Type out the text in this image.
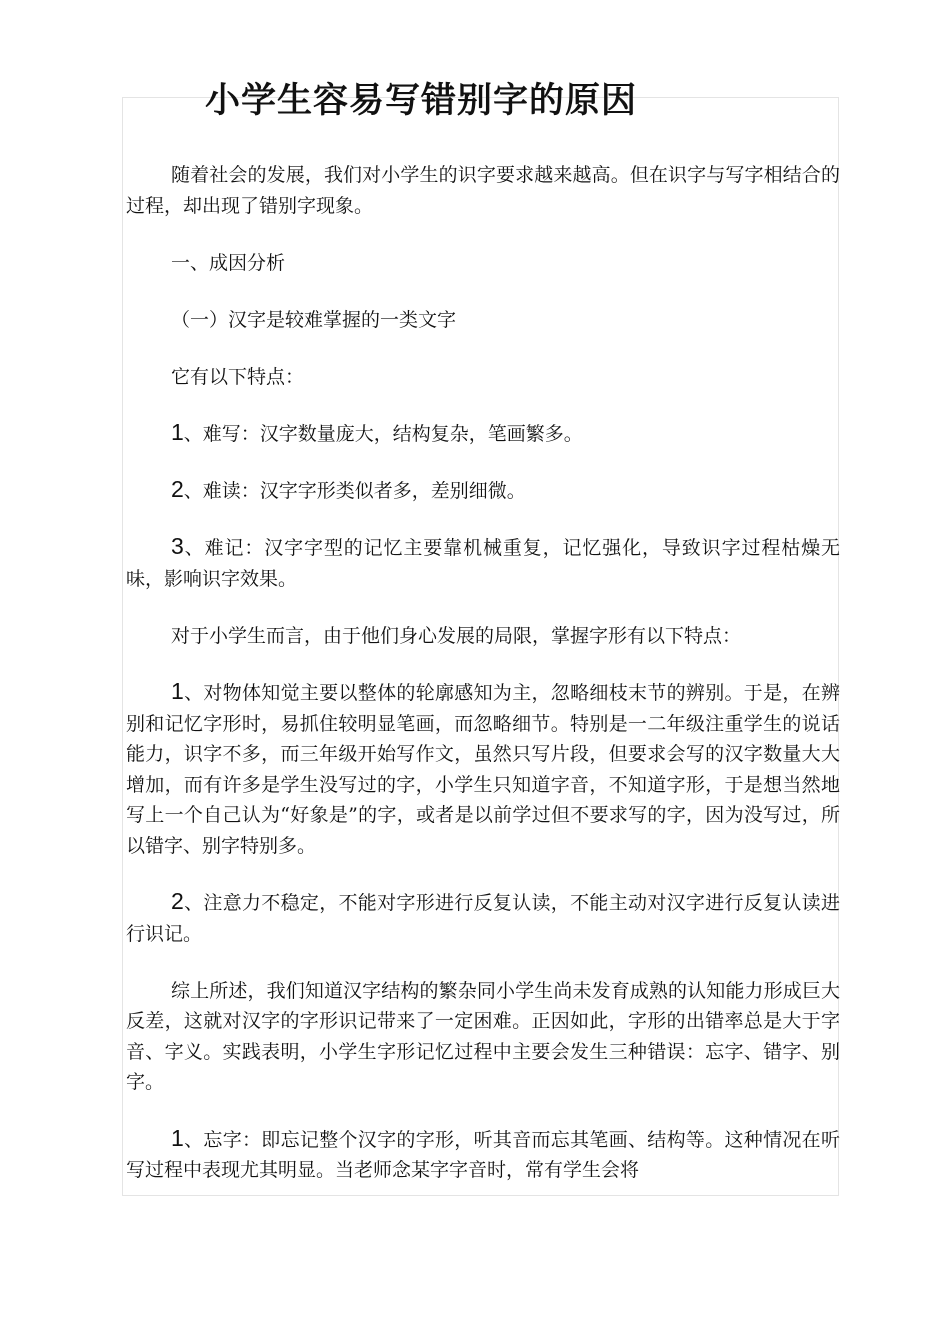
小学生容易写错别字的原因

随着社会的发展，我们对小学生的识字要求越来越高。但在识字与写字相结合的过程，却出现了错别字现象。

一、成因分析

（一）汉字是较难掌握的一类文字

它有以下特点：

1、难写：汉字数量庞大，结构复杂，笔画繁多。

2、难读：汉字字形类似者多，差别细微。

3、难记：汉字字型的记忆主要靠机械重复，记忆强化，导致识字过程枯燥无味，影响识字效果。

对于小学生而言，由于他们身心发展的局限，掌握字形有以下特点：

1、对物体知觉主要以整体的轮廓感知为主，忽略细枝末节的辨别。于是，在辨别和记忆字形时，易抓住较明显笔画，而忽略细节。特别是一二年级注重学生的说话能力，识字不多，而三年级开始写作文，虽然只写片段，但要求会写的汉字数量大大增加，而有许多是学生没写过的字，小学生只知道字音，不知道字形，于是想当然地写上一个自己认为“好象是”的字，或者是以前学过但不要求写的字，因为没写过，所以错字、别字特别多。

2、注意力不稳定，不能对字形进行反复认读，不能主动对汉字进行反复认读进行识记。

综上所述，我们知道汉字结构的繁杂同小学生尚未发育成熟的认知能力形成巨大反差，这就对汉字的字形识记带来了一定困难。正因如此，字形的出错率总是大于字音、字义。实践表明，小学生字形记忆过程中主要会发生三种错误：忘字、错字、别字。

1、忘字：即忘记整个汉字的字形，听其音而忘其笔画、结构等。这种情况在听写过程中表现尤其明显。当老师念某字字音时，常有学生会将
